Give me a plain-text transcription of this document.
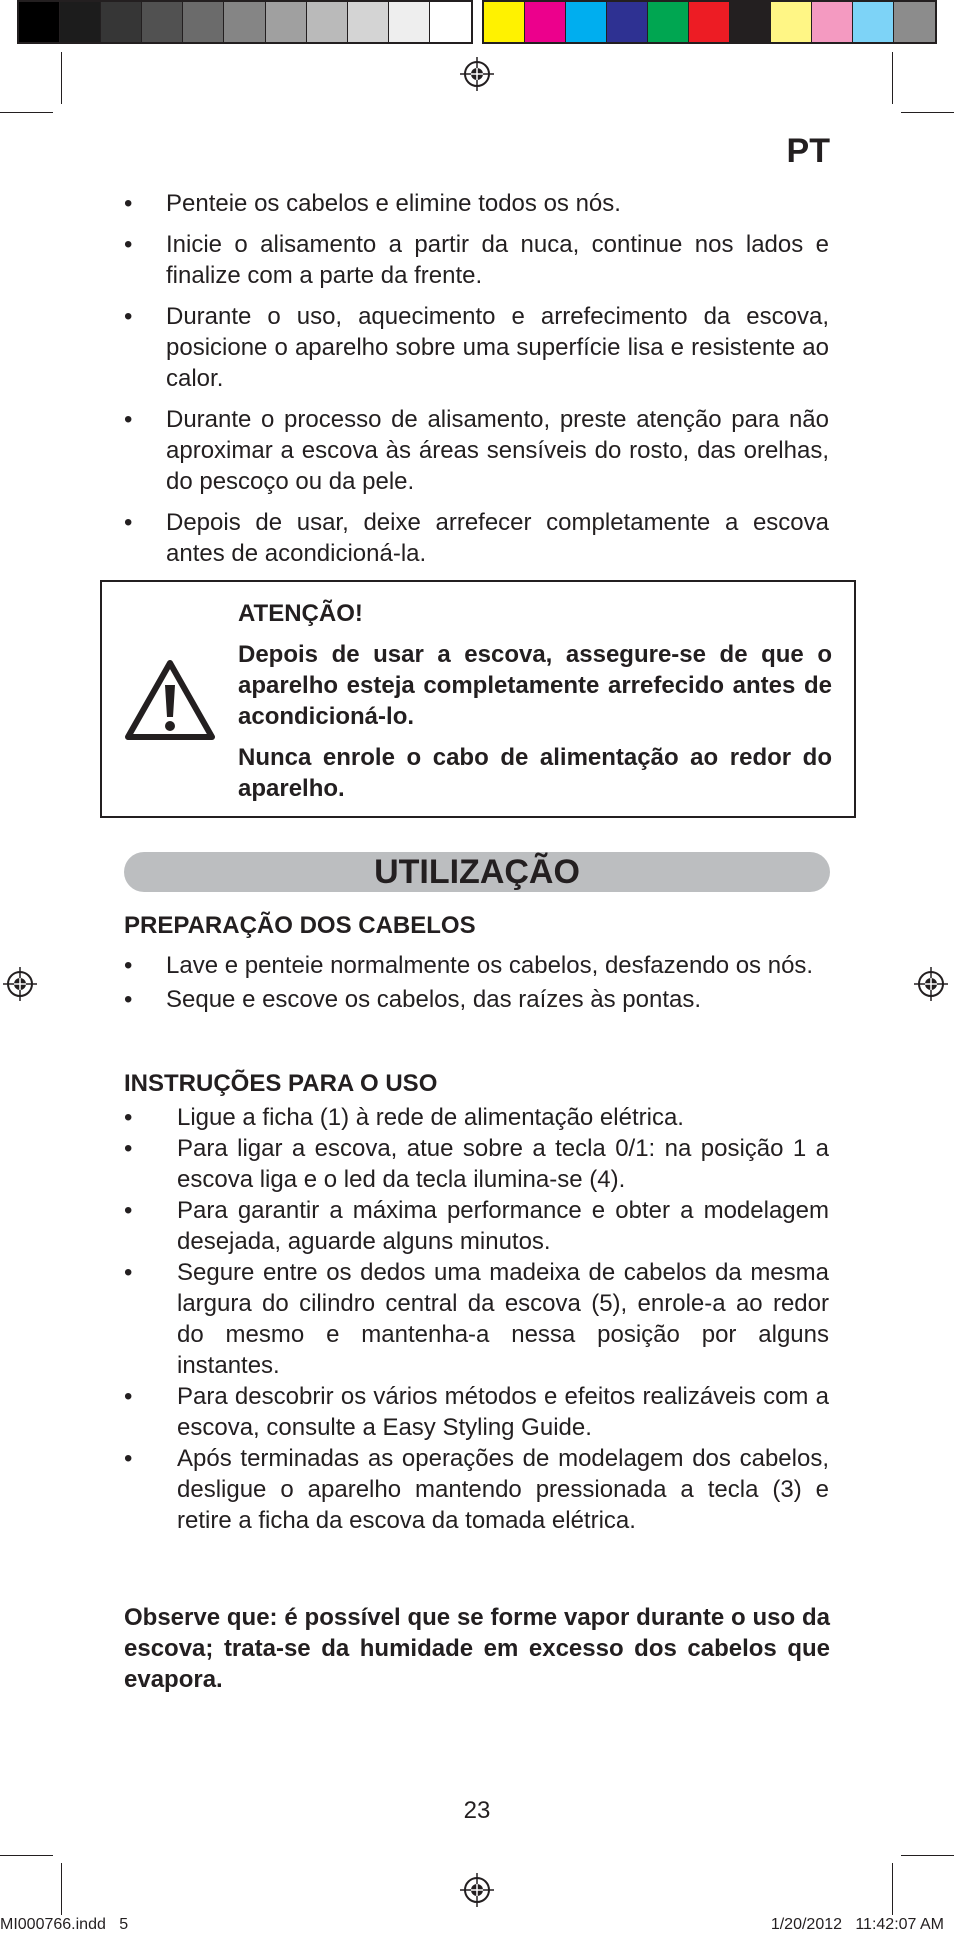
PT
• Penteie os cabelos e elimine todos os nós.
• Inicie o alisamento a partir da nuca, continue nos lados e finalize com a parte da frente.
• Durante o uso, aquecimento e arrefecimento da escova, posicione o aparelho sobre uma superfície lisa e resistente ao calor.
• Durante o processo de alisamento, preste atenção para não aproximar a escova às áreas sensíveis do rosto, das orelhas, do pescoço ou da pele.
• Depois de usar, deixe arrefecer completamente a escova antes de acondicioná-la.

ATENÇÃO!

Depois de usar a escova, assegure-se de que o aparelho esteja completamente arrefecido antes de acondicioná-lo.

Nunca enrole o cabo de alimentação ao redor do aparelho.

UTILIZAÇÃO
PREPARAÇÃO DOS CABELOS
• Lave e penteie normalmente os cabelos, desfazendo os nós.
• Seque e escove os cabelos, das raízes às pontas.
INSTRUÇÕES PARA O USO
• Ligue a ficha (1) à rede de alimentação elétrica.
• Para ligar a escova, atue sobre a tecla 0/1: na posição 1 a escova liga e o led da tecla ilumina-se (4).
• Para garantir a máxima performance e obter a modelagem desejada, aguarde alguns minutos.
• Segure entre os dedos uma madeixa de cabelos da mesma largura do cilindro central da escova (5), enrole-a ao redor do mesmo e mantenha-a nessa posição por alguns instantes.
• Para descobrir os vários métodos e efeitos realizáveis com a escova, consulte a Easy Styling Guide.
• Após terminadas as operações de modelagem dos cabelos, desligue o aparelho mantendo pressionada a tecla (3) e retire a ficha da escova da tomada elétrica.

Observe que: é possível que se forme vapor durante o uso da escova; trata-se da humidade em excesso dos cabelos que evapora.

23
MI000766.indd   5	1/20/2012   11:42:07 AM
